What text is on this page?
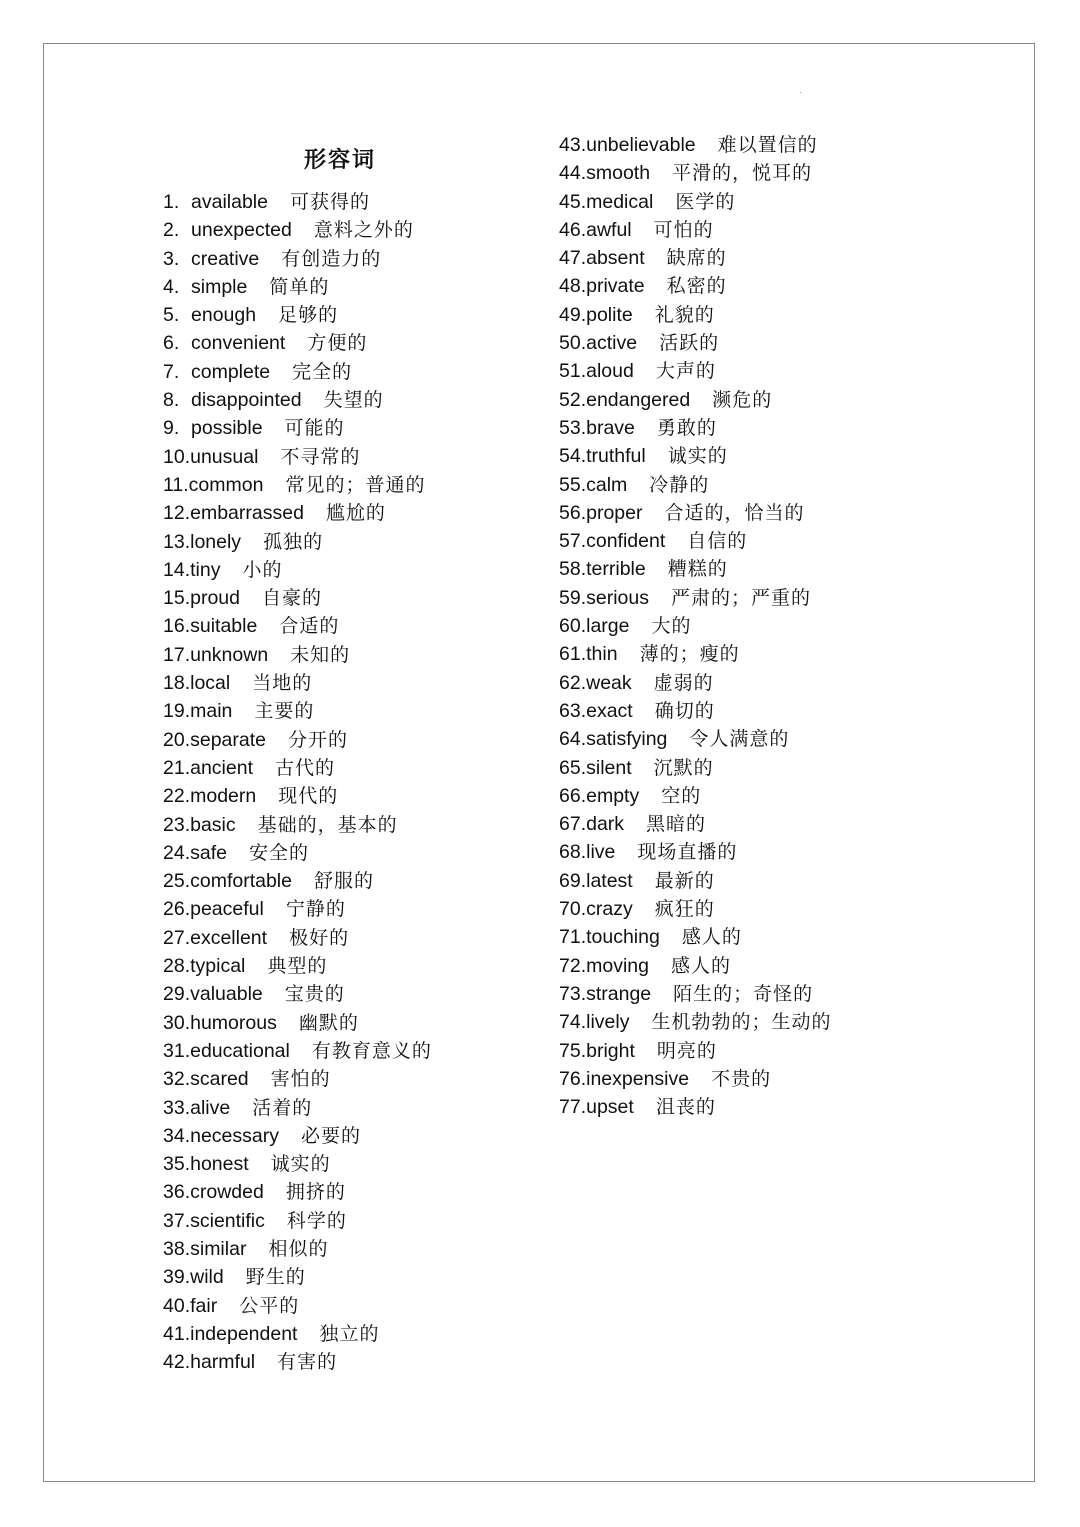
形容词
1. available 可获得的
2. unexpected 意料之外的
3. creative 有创造力的
4. simple 简单的
5. enough 足够的
6. convenient 方便的
7. complete 完全的
8. disappointed 失望的
9. possible 可能的
10.unusual 不寻常的
11.common 常见的；普通的
12.embarrassed 尴尬的
13.lonely 孤独的
14.tiny 小的
15.proud 自豪的
16.suitable 合适的
17.unknown 未知的
18.local 当地的
19.main 主要的
20.separate 分开的
21.ancient 古代的
22.modern 现代的
23.basic 基础的，基本的
24.safe 安全的
25.comfortable 舒服的
26.peaceful 宁静的
27.excellent 极好的
28.typical 典型的
29.valuable 宝贵的
30.humorous 幽默的
31.educational 有教育意义的
32.scared 害怕的
33.alive 活着的
34.necessary 必要的
35.honest 诚实的
36.crowded 拥挤的
37.scientific 科学的
38.similar 相似的
39.wild 野生的
40.fair 公平的
41.independent 独立的
42.harmful 有害的
43.unbelievable 难以置信的
44.smooth 平滑的，悦耳的
45.medical 医学的
46.awful 可怕的
47.absent 缺席的
48.private 私密的
49.polite 礼貌的
50.active 活跃的
51.aloud 大声的
52.endangered 濒危的
53.brave 勇敢的
54.truthful 诚实的
55.calm 冷静的
56.proper 合适的，恰当的
57.confident 自信的
58.terrible 糟糕的
59.serious 严肃的；严重的
60.large 大的
61.thin 薄的；瘦的
62.weak 虚弱的
63.exact 确切的
64.satisfying 令人满意的
65.silent 沉默的
66.empty 空的
67.dark 黑暗的
68.live 现场直播的
69.latest 最新的
70.crazy 疯狂的
71.touching 感人的
72.moving 感人的
73.strange 陌生的；奇怪的
74.lively 生机勃勃的；生动的
75.bright 明亮的
76.inexpensive 不贵的
77.upset 沮丧的
